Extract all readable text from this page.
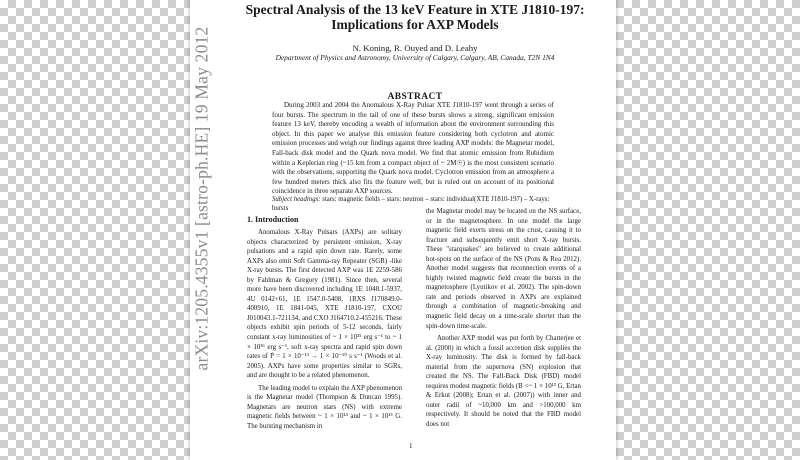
arXiv:1205.4355v1 [astro-ph.HE] 19 May 2012
Spectral Analysis of the 13 keV Feature in XTE J1810-197:
Implications for AXP Models
N. Koning, R. Ouyed and D. Leahy
Department of Physics and Astronomy, University of Calgary, Calgary, AB, Canada, T2N 1N4
ABSTRACT
During 2003 and 2004 the Anomalous X-Ray Pulsar XTE J1810-197 went through a series of four bursts. The spectrum in the tail of one of these bursts shows a strong, significant emission feature 13 keV, thereby encoding a wealth of information about the environment surrounding this object. In this paper we analyse this emission feature considering both cyclotron and atomic emission processes and weigh our findings against three leading AXP models: the Magnetar model, Fall-back disk model and the Quark nova model. We find that atomic emission from Rubidium within a Keplerian ring (~15 km from a compact object of ~ 2M☉) is the most consistent scenario with the observations, supporting the Quark nova model. Cyclotron emission from an atmosphere a few hundred meters thick also fits the feature well, but is ruled out on account of its positional coincidence in three separate AXP sources.
Subject headings: stars: magnetic fields – stars: neutron – stars: individual(XTE J1810-197) – X-rays: bursts
1. Introduction

Anomalous X-Ray Pulsars (AXPs) are solitary objects characterized by persistent emission, X-ray pulsations and a rapid spin down rate. Rarely, some AXPs also emit Soft Gamma-ray Repeater (SGR) -like X-ray bursts. The first detected AXP was 1E 2259-586 by Fahlman & Gregory (1981). Since then, several more have been discovered including 1E 1048.1-5937, 4U 0142+61, 1E 1547.0-5408, 1RXS J170849.0-400910, 1E 1841-045, XTE J1810-197, CXOU J010043.1-721134, and CXO J164710.2-455216. These objects exhibit spin periods of 5-12 seconds, fairly constant x-ray luminosities of ~ 1 × 10³⁵ erg s⁻¹ to ~ 1 × 10³⁶ erg s⁻¹, soft x-ray spectra and rapid spin down rates of Ṗ = 1 × 10⁻¹³ → 1 × 10⁻¹⁰ s s⁻¹ (Woods et al. 2005). AXPs have some properties similar to SGRs, and are thought to be a related phenomenon.

The leading model to explain the AXP phenomenon is the Magnetar model (Thompson & Duncan 1995). Magnetars are neutron stars (NS) with extreme magnetic fields between ~ 1 × 10¹⁴ and ~ 1 × 10¹⁵ G. The bursting mechanism in

the Magnetar model may be located on the NS surface, or in the magnetosphere. In one model the large magnetic field exerts stress on the crust, causing it to fracture and subsequently emit short X-ray bursts. These "starquakes" are believed to create additional hot-spots on the surface of the NS (Pons & Rea 2012). Another model suggests that reconnection events of a highly twisted magnetic field create the bursts in the magnetosphere (Lyutikov et al. 2002). The spin-down rate and periods observed in AXPs are explained through a combination of magnetic-breaking and magnetic field decay on a time-scale shorter than the spin-down time-scale.

Another AXP model was put forth by Chatterjee et al. (2000) in which a fossil accretion disk supplies the X-ray luminosity. The disk is formed by fall-back material from the supernova (SN) explosion that created the NS. The Fall-Back Disk (FBD) model requires modest magnetic fields (B <~ 1 × 10¹³ G, Ertan & Erkut (2008); Ertan et al. (2007)) with inner and outer radii of ~10,000 km and >100,000 km respectively. It should be noted that the FBD model does not

1
